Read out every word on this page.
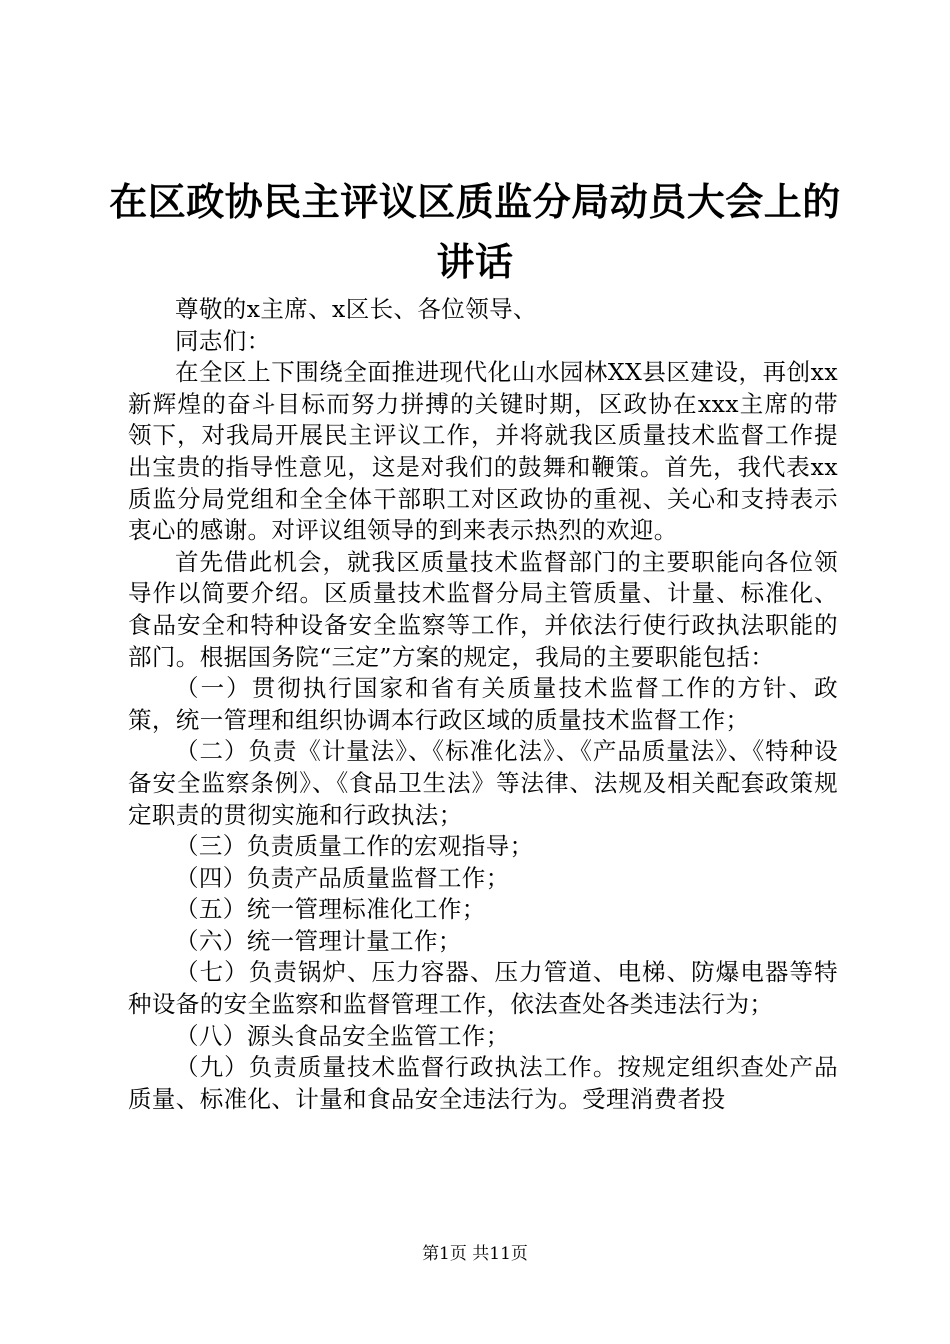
在区政协民主评议区质监分局动员大会上的讲话

尊敬的x主席、x区长、各位领导、

同志们：

在全区上下围绕全面推进现代化山水园林XX县区建设，再创xx新辉煌的奋斗目标而努力拼搏的关键时期，区政协在xxx主席的带领下，对我局开展民主评议工作，并将就我区质量技术监督工作提出宝贵的指导性意见，这是对我们的鼓舞和鞭策。首先，我代表xx质监分局党组和全全体干部职工对区政协的重视、关心和支持表示衷心的感谢。对评议组领导的到来表示热烈的欢迎。

首先借此机会，就我区质量技术监督部门的主要职能向各位领导作以简要介绍。区质量技术监督分局主管质量、计量、标准化、食品安全和特种设备安全监察等工作，并依法行使行政执法职能的部门。根据国务院“三定”方案的规定，我局的主要职能包括：

（一）贯彻执行国家和省有关质量技术监督工作的方针、政策，统一管理和组织协调本行政区域的质量技术监督工作；

（二）负责《计量法》、《标准化法》、《产品质量法》、《特种设备安全监察条例》、《食品卫生法》等法律、法规及相关配套政策规定职责的贯彻实施和行政执法；

（三）负责质量工作的宏观指导；

（四）负责产品质量监督工作；

（五）统一管理标准化工作；

（六）统一管理计量工作；

（七）负责锅炉、压力容器、压力管道、电梯、防爆电器等特种设备的安全监察和监督管理工作，依法查处各类违法行为；

（八）源头食品安全监管工作；

（九）负责质量技术监督行政执法工作。按规定组织查处产品质量、标准化、计量和食品安全违法行为。受理消费者投

第1页 共11页
